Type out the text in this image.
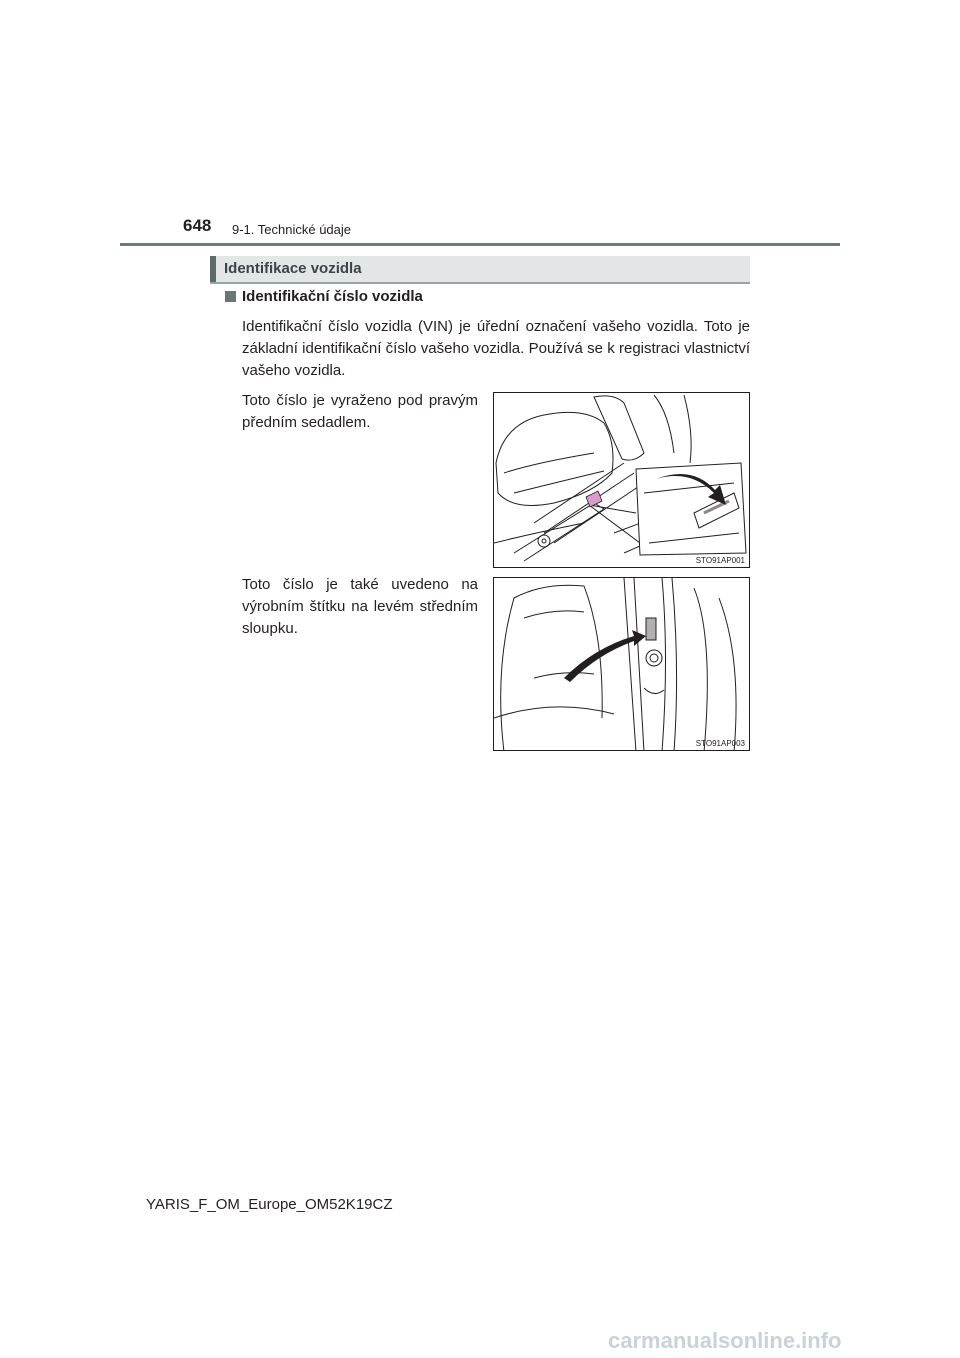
648 9-1. Technické údaje
Identifikace vozidla
Identifikační číslo vozidla
Identifikační číslo vozidla (VIN) je úřední označení vašeho vozidla. Toto je základní identifikační číslo vašeho vozidla. Používá se k registraci vlastnictví vašeho vozidla.
Toto číslo je vyraženo pod pravým předním sedadlem.
Toto číslo je také uvedeno na výrobním štítku na levém středním sloupku.
STO91AP001
STO91AP003
YARIS_F_OM_Europe_OM52K19CZ
carmanualsonline.info
